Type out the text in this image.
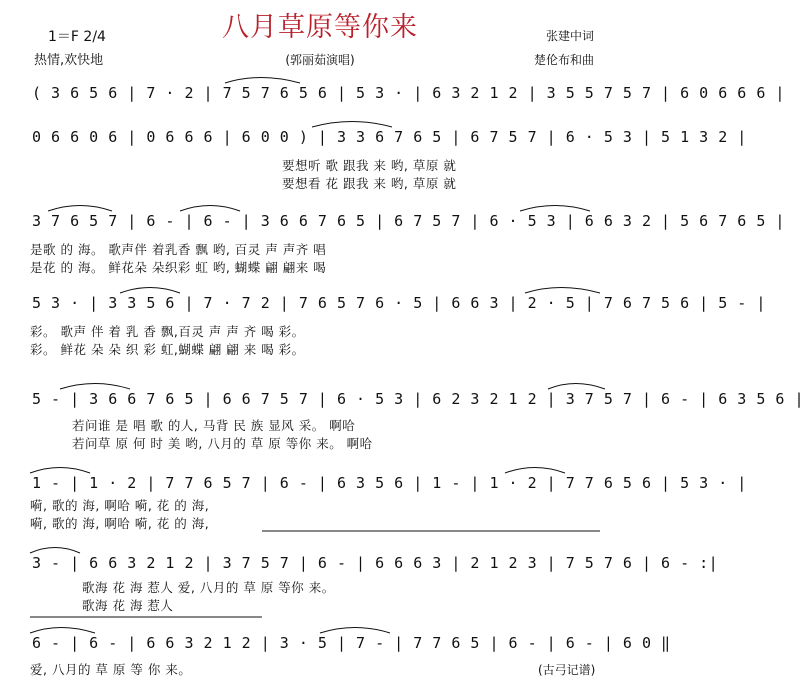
八月草原等你来
1＝F 2/4
热情,欢快地	(郭丽茹演唱)
张建中词
楚伦布和曲
( 3 6 5 6 | 7 · 2 | 7 5 7 6 5 6 | 5 3 · | 6 3 2 1 2 | 3 5 5 7 5 7 | 6 0 6 6 6 |
0 6 6 0 6 | 0 6 6 6 | 6 0 0 ) | 3 3 6 7 6 5 | 6 7 5 7 | 6 · 5 3 | 5 1 3 2 |
要想听 歌 跟我 来 哟, 草原 就
要想看 花 跟我 来 哟, 草原 就
3 7 6 5 7 | 6 - | 6 - | 3 6 6 7 6 5 | 6 7 5 7 | 6 · 5 3 | 6 6 3 2 | 5 6 7 6 5 |
是歌 的 海。 歌声伴 着乳香 飘 哟, 百灵 声 声齐 唱
是花 的 海。 鲜花朵 朵织彩 虹 哟, 蝴蝶 翩 翩来 喝
5 3 · | 3 3 5 6 | 7 · 7 2 | 7 6 5 7 6 · 5 | 6 6 3 | 2 · 5 | 7 6 7 5 6 | 5 - |
彩。 歌声 伴 着 乳 香 飘,百灵 声 声 齐 喝 彩。
彩。 鲜花 朵 朵 织 彩 虹,蝴蝶 翩 翩 来 喝 彩。
5 - | 3 6 6 7 6 5 | 6 6 7 5 7 | 6 · 5 3 | 6 2 3 2 1 2 | 3 7 5 7 | 6 - | 6 3 5 6 |
若问谁 是 唱 歌 的人, 马背 民 族 显风 采。 啊哈
若问草 原 何 时 美 哟, 八月的 草 原 等你 来。 啊哈
1 - | 1 · 2 | 7 7 6 5 7 | 6 - | 6 3 5 6 | 1 - | 1 · 2 | 7 7 6 5 6 | 5 3 · |
嗬, 歌的 海, 啊哈 嗬, 花 的 海,
嗬, 歌的 海, 啊哈 嗬, 花 的 海,
3 - | 6 6 3 2 1 2 | 3 7 5 7 | 6 - | 6 6 6 3 | 2 1 2 3 | 7 5 7 6 | 6 - :|
歌海 花 海 惹人 爱, 八月的 草 原 等你 来。
歌海 花 海 惹人
6 - | 6 - | 6 6 3 2 1 2 | 3 · 5 | 7 - | 7 7 6 5 | 6 - | 6 - | 6 0 ‖
爱, 八月的 草 原 等 你 来。	(古弓记谱)
